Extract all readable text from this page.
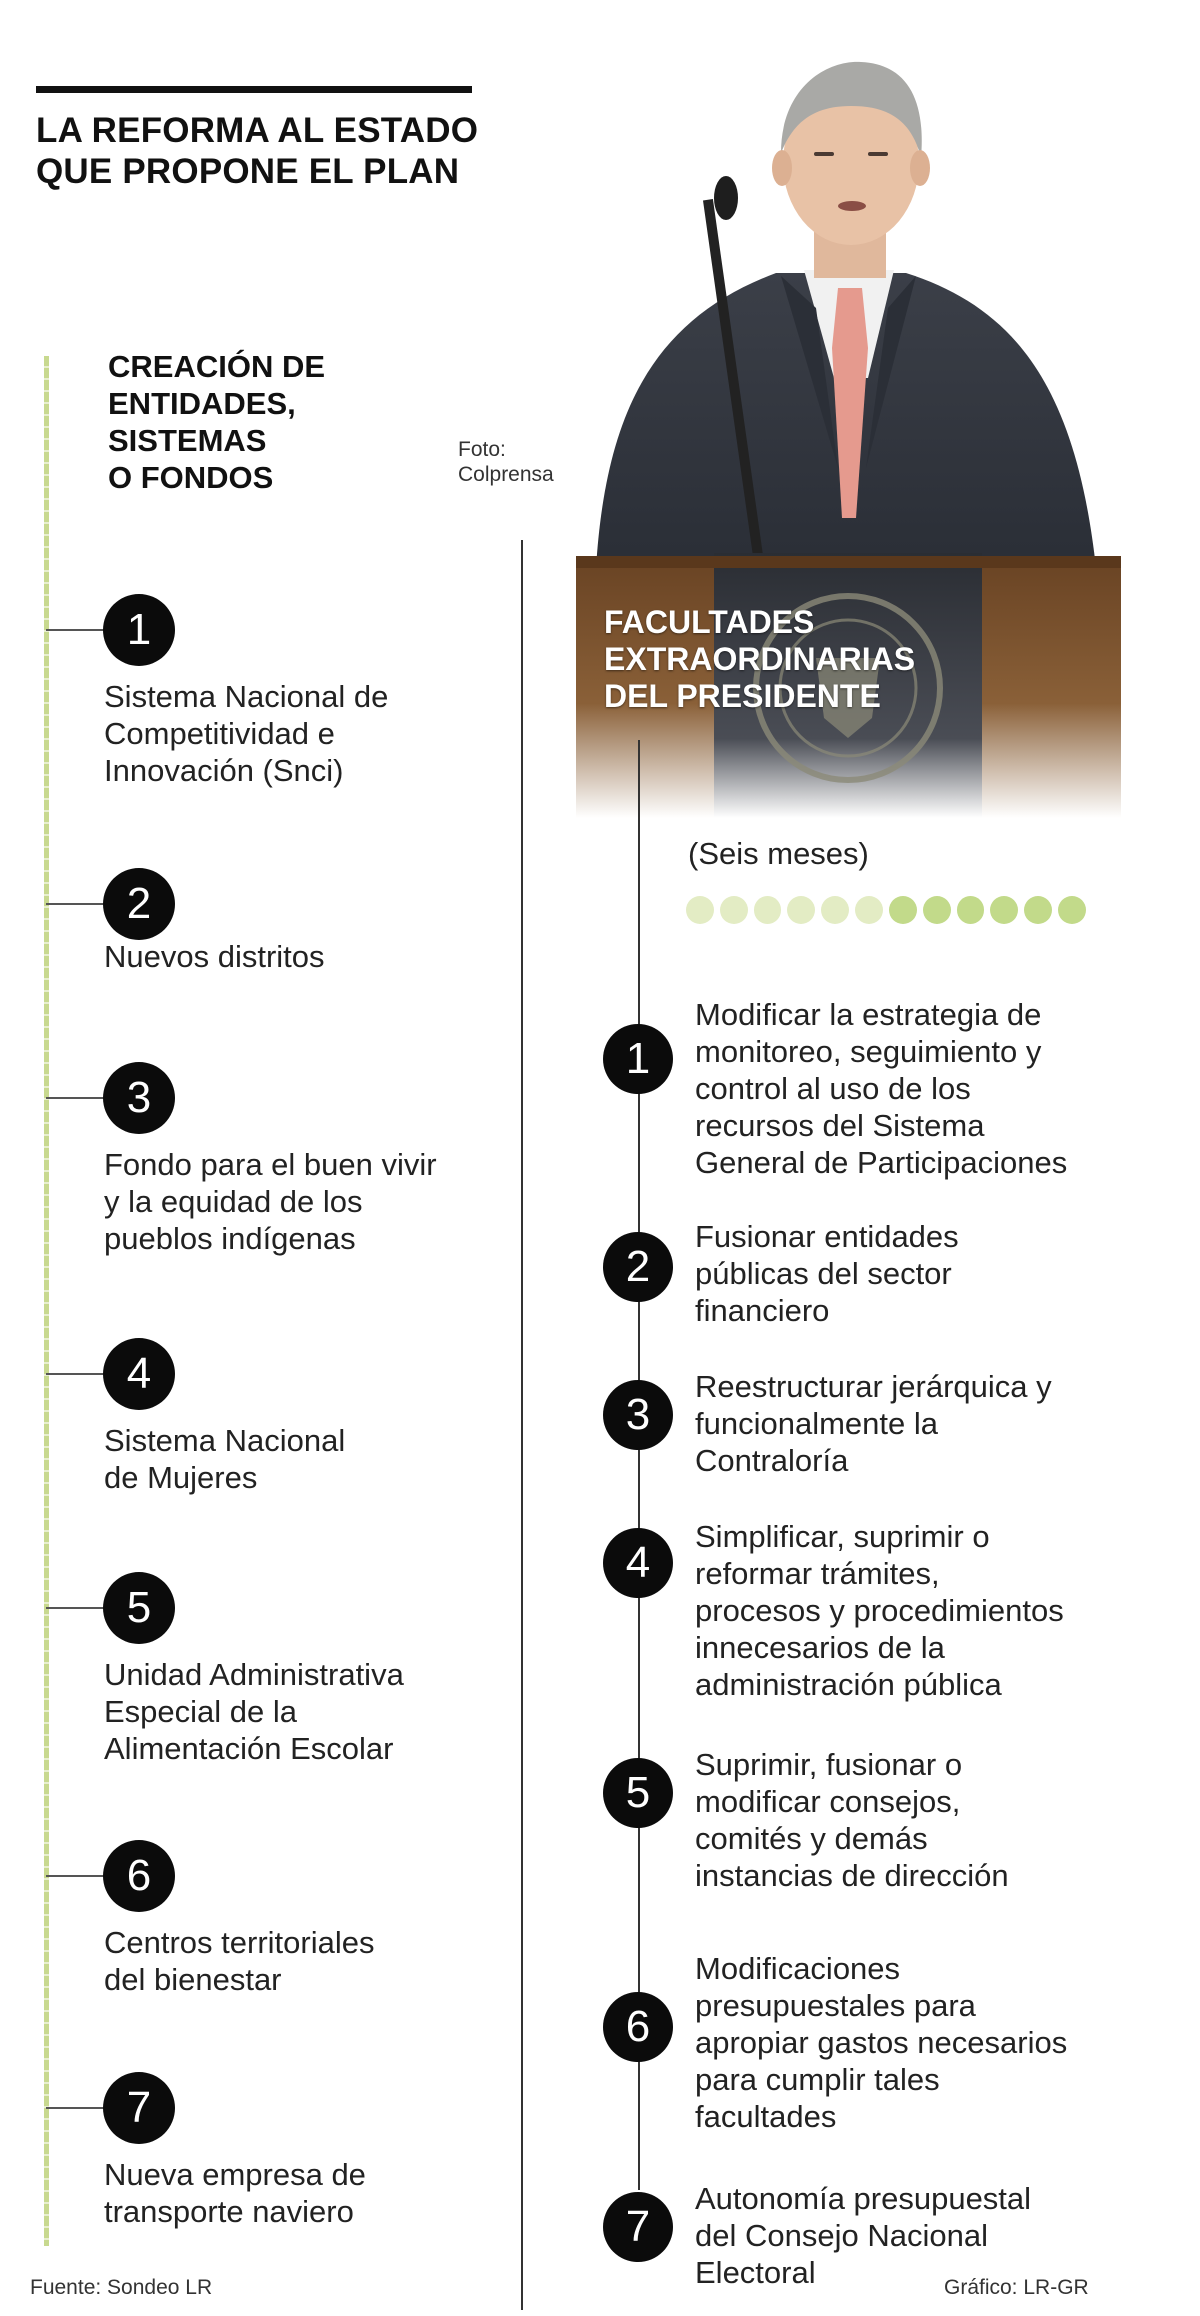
LA REFORMA AL ESTADO
QUE PROPONE EL PLAN
CREACIÓN DE
ENTIDADES,
SISTEMAS
O FONDOS
1
Sistema Nacional de
Competitividad e
Innovación (Snci)
2
Nuevos distritos
3
Fondo para el buen vivir
y la equidad de los
pueblos indígenas
4
Sistema Nacional
de Mujeres
5
Unidad Administrativa
Especial de la
Alimentación Escolar
6
Centros territoriales
del bienestar
7
Nueva empresa de
transporte naviero
Foto:
Colprensa
FACULTADES
EXTRAORDINARIAS
DEL PRESIDENTE
(Seis meses)
1
Modificar la estrategia de
monitoreo, seguimiento y
control al uso de los
recursos del Sistema
General de Participaciones
2
Fusionar entidades
públicas del sector
financiero
3
Reestructurar jerárquica y
funcionalmente la
Contraloría
4
Simplificar, suprimir o
reformar trámites,
procesos y procedimientos
innecesarios de la
administración pública
5
Suprimir, fusionar o
modificar consejos,
comités y demás
instancias de dirección
6
Modificaciones
presupuestales para
apropiar gastos necesarios
para cumplir tales
facultades
7
Autonomía presupuestal
del Consejo Nacional
Electoral
Fuente: Sondeo LR	Gráfico: LR-GR
